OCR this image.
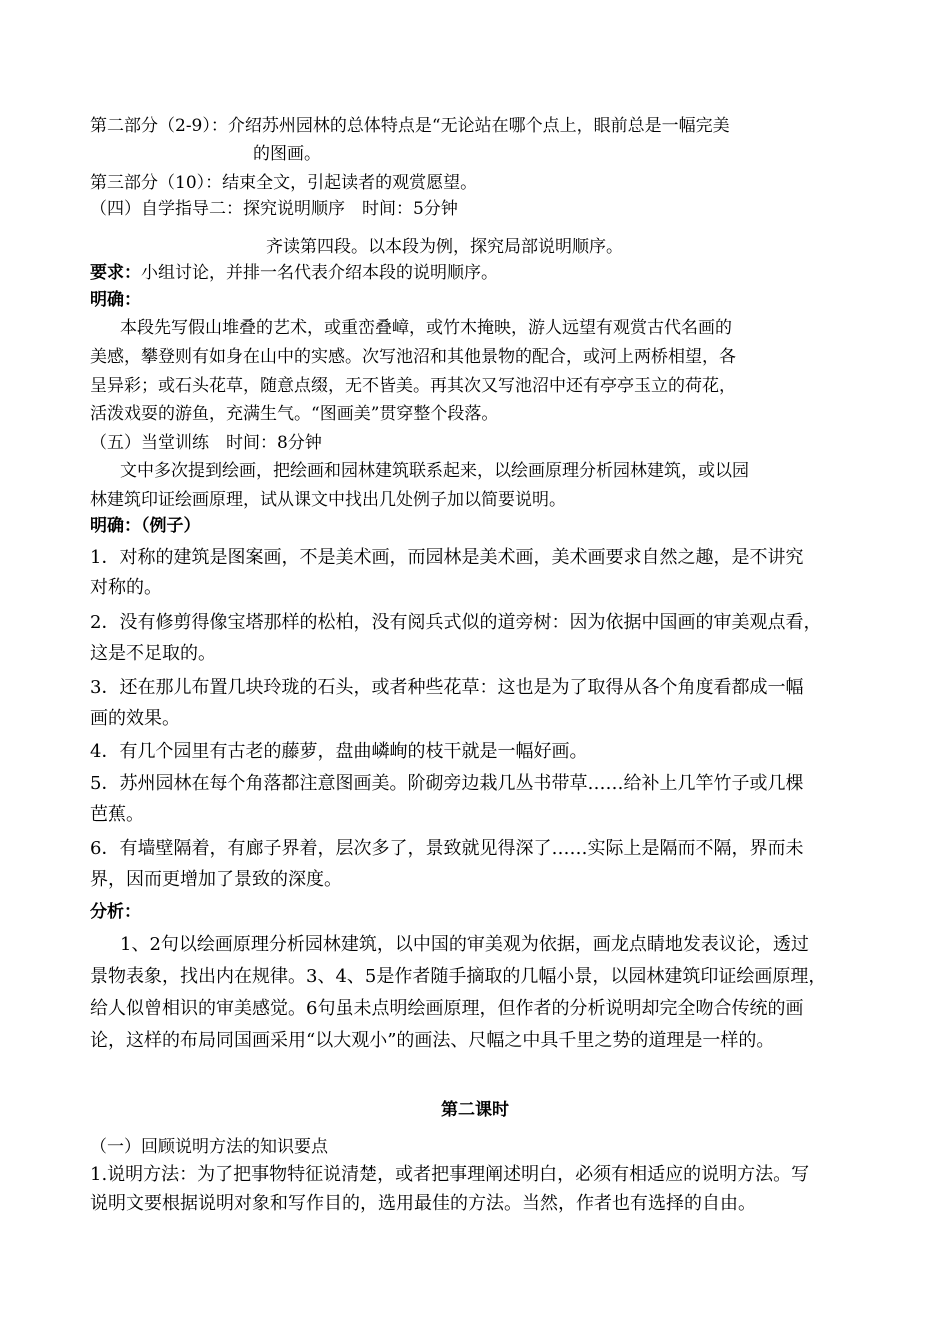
第二部分（2-9）：介绍苏州园林的总体特点是“无论站在哪个点上，眼前总是一幅完美
的图画。
第三部分（10）：结束全文，引起读者的观赏愿望。
（四）自学指导二：探究说明顺序　时间：5分钟
齐读第四段。以本段为例，探究局部说明顺序。
要求：小组讨论，并排一名代表介绍本段的说明顺序。
明确：
本段先写假山堆叠的艺术，或重峦叠嶂，或竹木掩映，游人远望有观赏古代名画的
美感，攀登则有如身在山中的实感。次写池沼和其他景物的配合，或河上两桥相望，各
呈异彩；或石头花草，随意点缀，无不皆美。再其次又写池沼中还有亭亭玉立的荷花，
活泼戏耍的游鱼，充满生气。“图画美”贯穿整个段落。
（五）当堂训练　时间：8分钟
文中多次提到绘画，把绘画和园林建筑联系起来，以绘画原理分析园林建筑，或以园
林建筑印证绘画原理，试从课文中找出几处例子加以简要说明。
明确：（例子）
1．对称的建筑是图案画，不是美术画，而园林是美术画，美术画要求自然之趣，是不讲究
对称的。
2．没有修剪得像宝塔那样的松柏，没有阅兵式似的道旁树：因为依据中国画的审美观点看，
这是不足取的。
3．还在那儿布置几块玲珑的石头，或者种些花草：这也是为了取得从各个角度看都成一幅
画的效果。
4．有几个园里有古老的藤萝，盘曲嶙峋的枝干就是一幅好画。
5．苏州园林在每个角落都注意图画美。阶砌旁边栽几丛书带草……给补上几竿竹子或几棵
芭蕉。
6．有墙壁隔着，有廊子界着，层次多了，景致就见得深了……实际上是隔而不隔，界而未
界，因而更增加了景致的深度。
分析：
1、2句以绘画原理分析园林建筑，以中国的审美观为依据，画龙点睛地发表议论，透过
景物表象，找出内在规律。3、4、5是作者随手摘取的几幅小景，以园林建筑印证绘画原理，
给人似曾相识的审美感觉。6句虽未点明绘画原理，但作者的分析说明却完全吻合传统的画
论，这样的布局同国画采用“以大观小”的画法、尺幅之中具千里之势的道理是一样的。
第二课时
（一）回顾说明方法的知识要点
1.说明方法：为了把事物特征说清楚，或者把事理阐述明白，必须有相适应的说明方法。写
说明文要根据说明对象和写作目的，选用最佳的方法。当然，作者也有选择的自由。
